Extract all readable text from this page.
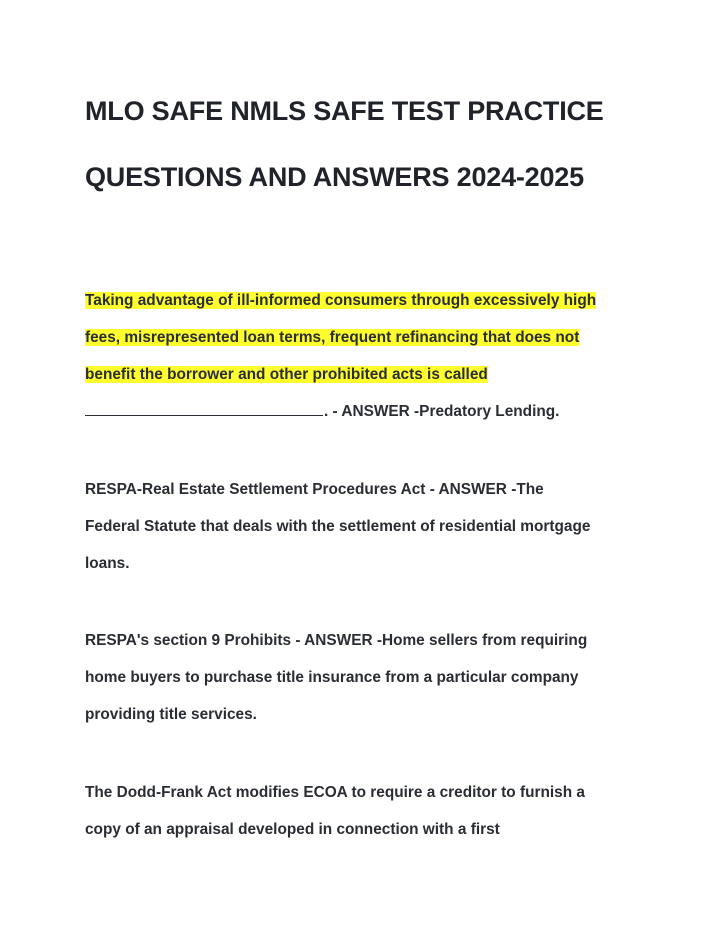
MLO SAFE NMLS SAFE TEST PRACTICE
QUESTIONS AND ANSWERS 2024-2025
Taking advantage of ill-informed consumers through excessively high
fees, misrepresented loan terms, frequent refinancing that does not
benefit the borrower and other prohibited acts is called
. - ANSWER -Predatory Lending.
RESPA-Real Estate Settlement Procedures Act - ANSWER -The
Federal Statute that deals with the settlement of residential mortgage
loans.
RESPA's section 9 Prohibits - ANSWER -Home sellers from requiring
home buyers to purchase title insurance from a particular company
providing title services.
The Dodd-Frank Act modifies ECOA to require a creditor to furnish a
copy of an appraisal developed in connection with a first
